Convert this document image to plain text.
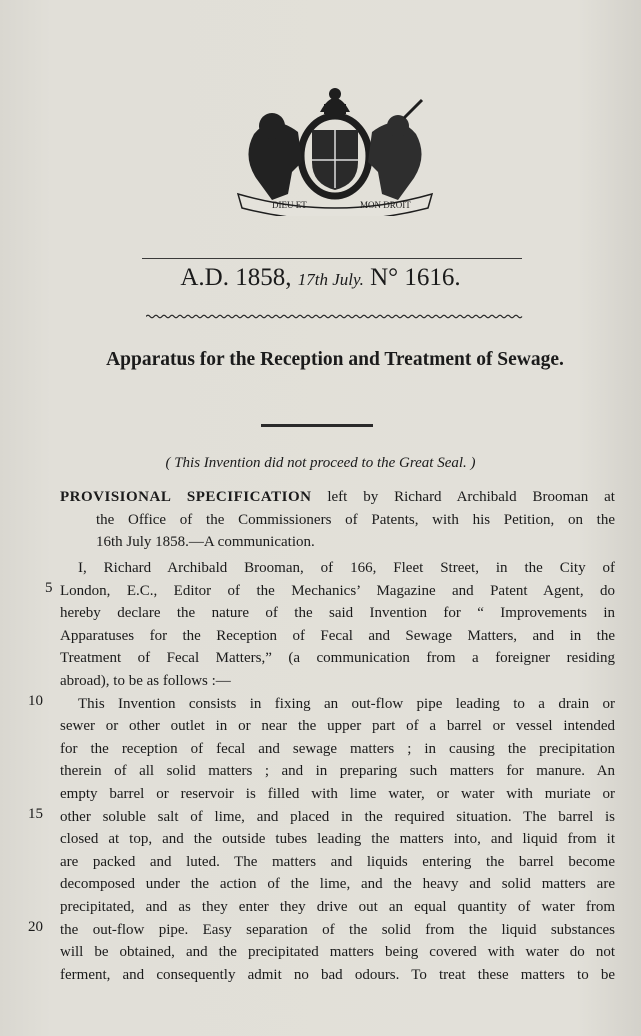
DIEU ET	MON DROIT
A.D. 1858, 17th July. N° 1616.
Apparatus for the Reception and Treatment of Sewage.
( This Invention did not proceed to the Great Seal. )
PROVISIONAL SPECIFICATION left by Richard Archibald Brooman at
the Office of the Commissioners of Patents, with his Petition, on the
16th July 1858.—A communication.
I, Richard Archibald Brooman, of 166, Fleet Street, in the City of
London, E.C., Editor of the Mechanics’ Magazine and Patent Agent, do
hereby declare the nature of the said Invention for “ Improvements in
Apparatuses for the Reception of Fecal and Sewage Matters, and in the
Treatment of Fecal Matters,” (a communication from a foreigner residing
abroad), to be as follows :—
This Invention consists in fixing an out-flow pipe leading to a drain or
sewer or other outlet in or near the upper part of a barrel or vessel intended
for the reception of fecal and sewage matters ; in causing the precipitation
therein of all solid matters ; and in preparing such matters for manure. An
empty barrel or reservoir is filled with lime water, or water with muriate or
other soluble salt of lime, and placed in the required situation. The barrel is
closed at top, and the outside tubes leading the matters into, and liquid from it
are packed and luted. The matters and liquids entering the barrel become
decomposed under the action of the lime, and the heavy and solid matters are
precipitated, and as they enter they drive out an equal quantity of water from
the out-flow pipe. Easy separation of the solid from the liquid substances
will be obtained, and the precipitated matters being covered with water do not
ferment, and consequently admit no bad odours. To treat these matters to be
5
10
15
20
